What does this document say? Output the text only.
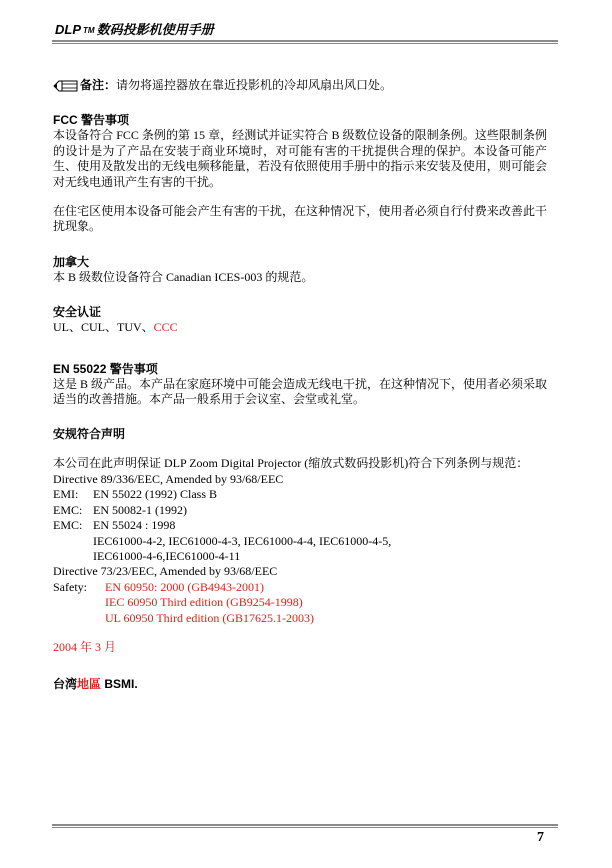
DLP TM 数码投影机使用手册

备注： 请勿将遥控器放在靠近投影机的冷却风扇出风口处。

FCC 警告事项

本设备符合 FCC 条例的第 15 章，经测试并证实符合 B 级数位设备的限制条例。这些限制条例的设计是为了产品在安装于商业环境时，对可能有害的干扰提供合理的保护。本设备可能产生、使用及散发出的无线电频移能量，若没有依照使用手册中的指示来安装及使用，则可能会对无线电通讯产生有害的干扰。

在住宅区使用本设备可能会产生有害的干扰，在这种情况下，使用者必须自行付费来改善此干扰现象。

加拿大

本 B 级数位设备符合 Canadian ICES-003 的规范。

安全认证

UL、CUL、TUV、CCC

EN 55022 警告事项

这是 B 级产品。本产品在家庭环境中可能会造成无线电干扰，在这种情况下，使用者必须采取适当的改善措施。本产品一般系用于会议室、会堂或礼堂。

安规符合声明

本公司在此声明保证 DLP Zoom Digital Projector (缩放式数码投影机)符合下列条例与规范：

Directive 89/336/EEC, Amended by 93/68/EEC

EMI:	EN 55022 (1992) Class B
EMC: EN 50082-1 (1992)
EMC: EN 55024 : 1998

IEC61000-4-2, IEC61000-4-3, IEC61000-4-4, IEC61000-4-5,

IEC61000-4-6,IEC61000-4-11

Directive 73/23/EEC, Amended by 93/68/EEC

Safety:	EN 60950: 2000 (GB4943-2001)

IEC 60950 Third edition (GB9254-1998)

UL 60950 Third edition (GB17625.1-2003)

2004 年 3 月

台湾地區 BSMI.

7
